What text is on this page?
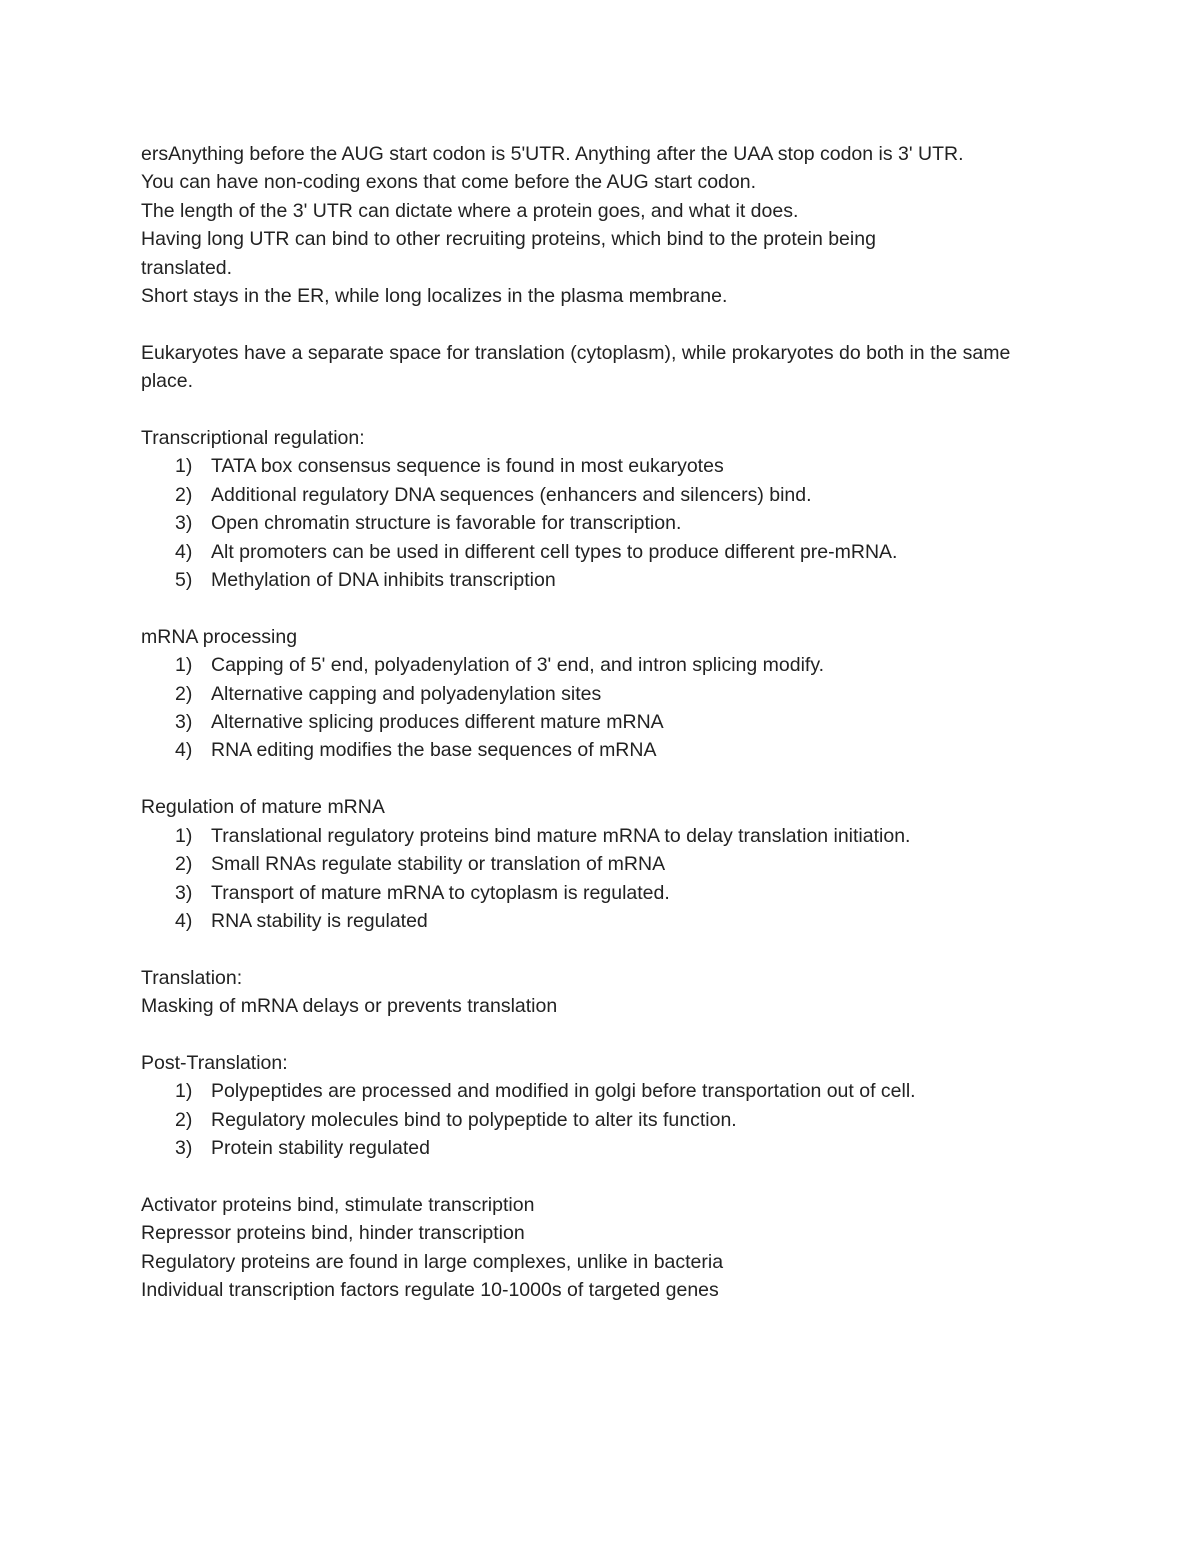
ersAnything before the AUG start codon is 5'UTR. Anything after the UAA stop codon is 3' UTR.
You can have non-coding exons that come before the AUG start codon.
The length of the 3' UTR can dictate where a protein goes, and what it does.
Having long UTR can bind to other recruiting proteins, which bind to the protein being translated.
Short stays in the ER, while long localizes in the plasma membrane.
Eukaryotes have a separate space for translation (cytoplasm), while prokaryotes do both in the same place.
Transcriptional regulation:
1) TATA box consensus sequence is found in most eukaryotes
2) Additional regulatory DNA sequences (enhancers and silencers) bind.
3) Open chromatin structure is favorable for transcription.
4) Alt promoters can be used in different cell types to produce different pre-mRNA.
5) Methylation of DNA inhibits transcription
mRNA processing
1) Capping of 5' end, polyadenylation of 3' end, and intron splicing modify.
2) Alternative capping and polyadenylation sites
3) Alternative splicing produces different mature mRNA
4) RNA editing modifies the base sequences of mRNA
Regulation of mature mRNA
1) Translational regulatory proteins bind mature mRNA to delay translation initiation.
2) Small RNAs regulate stability or translation of mRNA
3) Transport of mature mRNA to cytoplasm is regulated.
4) RNA stability is regulated
Translation:
Masking of mRNA delays or prevents translation
Post-Translation:
1) Polypeptides are processed and modified in golgi before transportation out of cell.
2) Regulatory molecules bind to polypeptide to alter its function.
3) Protein stability regulated
Activator proteins bind, stimulate transcription
Repressor proteins bind, hinder transcription
Regulatory proteins are found in large complexes, unlike in bacteria
Individual transcription factors regulate 10-1000s of targeted genes
